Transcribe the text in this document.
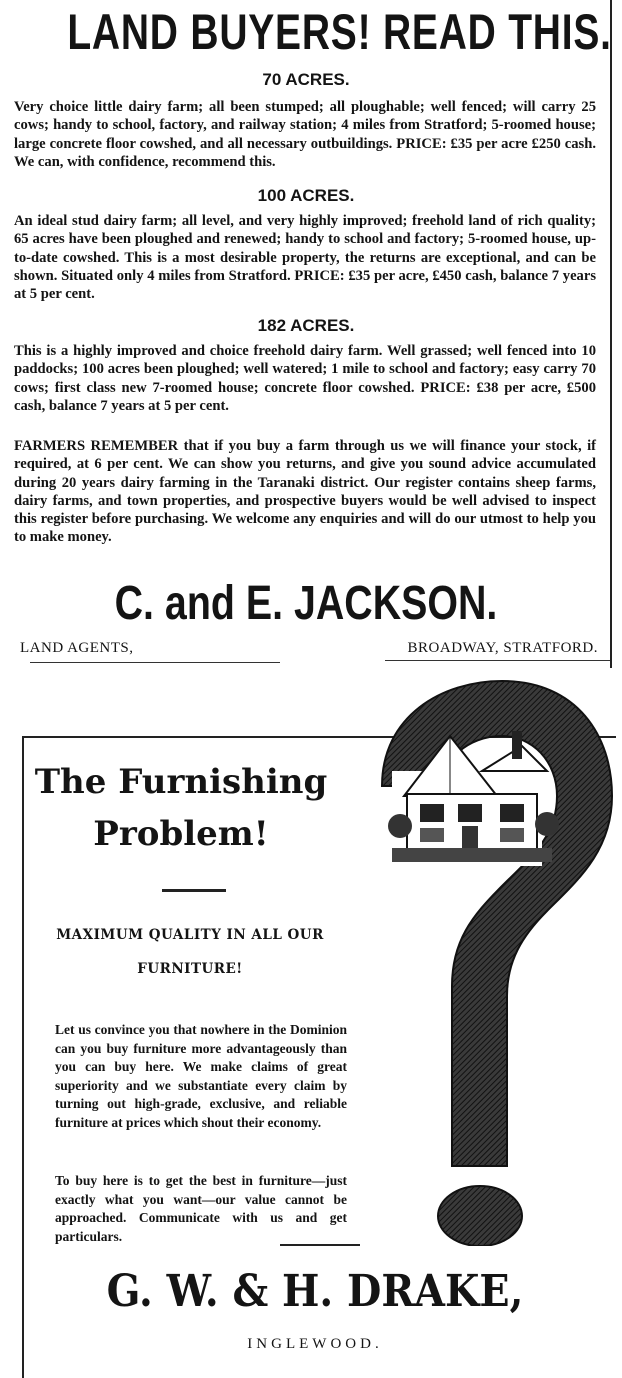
LAND BUYERS! READ THIS.
70 ACRES.
Very choice little dairy farm; all been stumped; all ploughable; well fenced; will carry 25 cows; handy to school, factory, and railway station; 4 miles from Stratford; 5-roomed house; large concrete floor cowshed, and all necessary outbuildings. PRICE: £35 per acre £250 cash. We can, with confidence, recommend this.
100 ACRES.
An ideal stud dairy farm; all level, and very highly improved; freehold land of rich quality; 65 acres have been ploughed and renewed; handy to school and factory; 5-roomed house, up-to-date cowshed. This is a most desirable property, the returns are exceptional, and can be shown. Situated only 4 miles from Stratford. PRICE: £35 per acre, £450 cash, balance 7 years at 5 per cent.
182 ACRES.
This is a highly improved and choice freehold dairy farm. Well grassed; well fenced into 10 paddocks; 100 acres been ploughed; well watered; 1 mile to school and factory; easy carry 70 cows; first class new 7-roomed house; concrete floor cowshed. PRICE: £38 per acre, £500 cash, balance 7 years at 5 per cent.
FARMERS REMEMBER that if you buy a farm through us we will finance your stock, if required, at 6 per cent. We can show you returns, and give you sound advice accumulated during 20 years dairy farming in the Taranaki district. Our register contains sheep farms, dairy farms, and town properties, and prospective buyers would be well advised to inspect this register before purchasing. We welcome any enquiries and will do our utmost to help you to make money.
C. and E. JACKSON.
LAND AGENTS,	BROADWAY, STRATFORD.
The Furnishing
Problem!
MAXIMUM QUALITY IN ALL OUR
FURNITURE!
Let us convince you that nowhere in the Dominion can you buy furniture more advantageously than you can buy here. We make claims of great superiority and we substantiate every claim by turning out high-grade, exclusive, and reliable furniture at prices which shout their economy.
To buy here is to get the best in furniture—just exactly what you want—our value cannot be approached. Communicate with us and get particulars.
G. W. & H. DRAKE,
INGLEWOOD.
